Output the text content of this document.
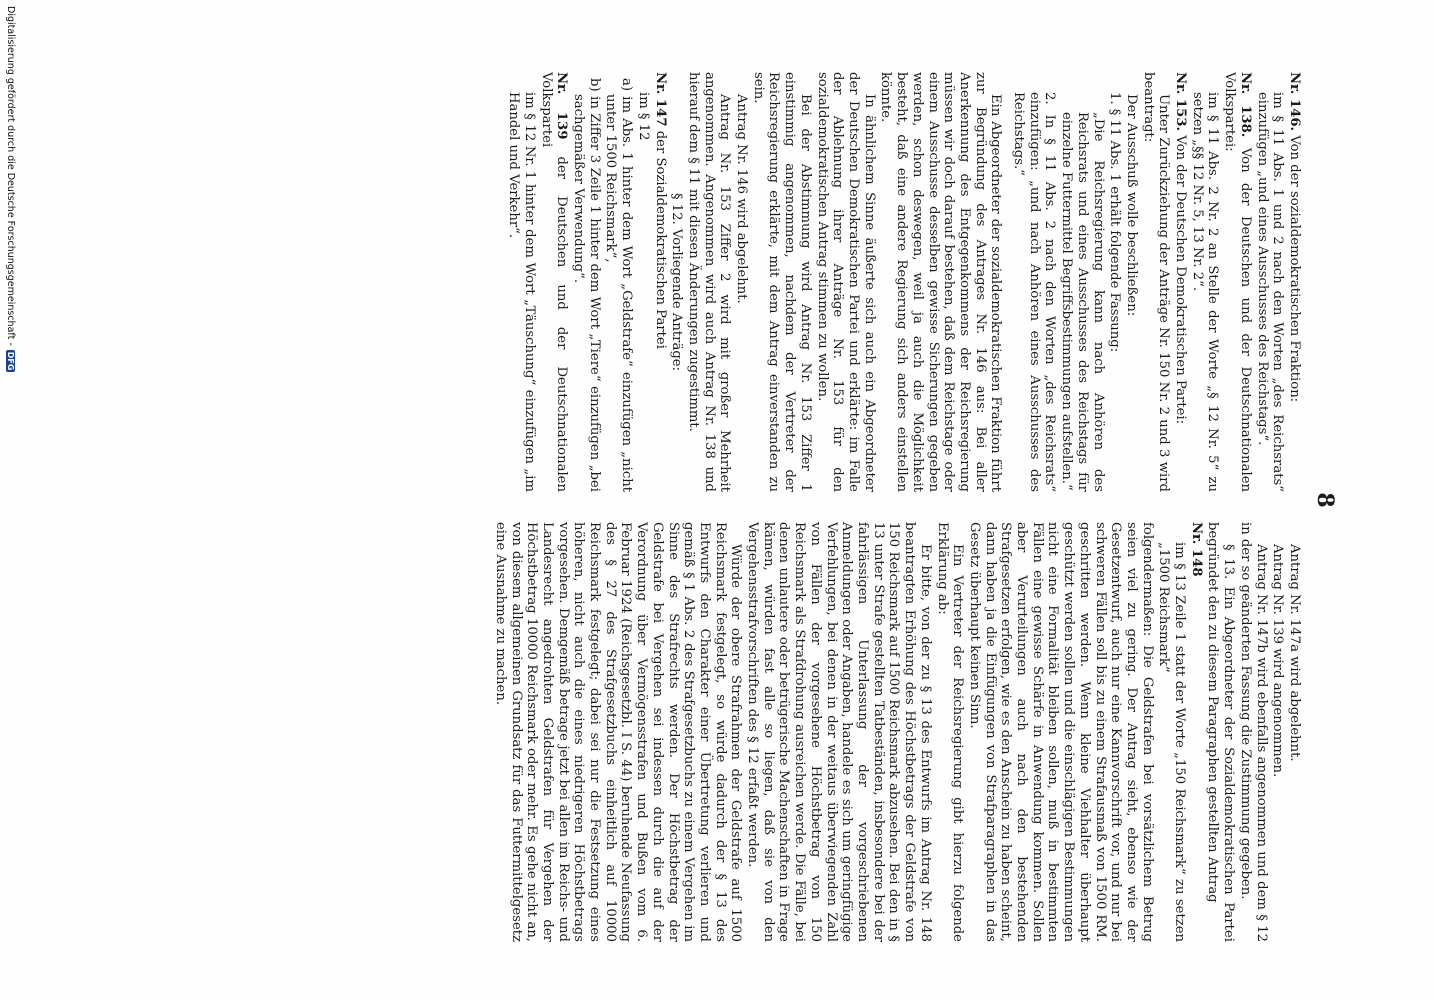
8

Nr. 146. Von der sozialdemokratischen Fraktion:

im § 11 Abs. 1 und 2 nach den Worten „des Reichsrats“ einzufügen „und eines Ausschusses des Reichstags“.

Nr. 138. Von der Deutschen und der Deutschnationalen Volkspartei:

im § 11 Abs. 2 Nr. 2 an Stelle der Worte „§ 12 Nr. 5“ zu setzen „§§ 12 Nr. 5, 13 Nr. 2“.

Nr. 153. Von der Deutschen Demokratischen Partei:

Unter Zurückziehung der Anträge Nr. 150 Nr. 2 und 3 wird beantragt:

Der Ausschuß wolle beschließen:

1. § 11 Abs. 1 erhält folgende Fassung:

„Die Reichsregierung kann nach Anhören des Reichsrats und eines Ausschusses des Reichstags für einzelne Futtermittel Begriffsbestimmungen aufstellen.“

2. In § 11 Abs. 2 nach den Worten „des Reichsrats“ einzufügen: „und nach Anhören eines Ausschusses des Reichstags.“

Ein Abgeordneter der sozialdemokratischen Fraktion führt zur Begründung des Antrages Nr. 146 aus: Bei aller Anerkennung des Entgegenkommens der Reichsregierung müssen wir doch darauf bestehen, daß dem Reichstage oder einem Ausschusse desselben gewisse Sicherungen gegeben werden, schon deswegen, weil ja auch die Möglichkeit besteht, daß eine andere Regierung sich anders einstellen könnte.

In ähnlichem Sinne äußerte sich auch ein Abgeordneter der Deutschen Demokratischen Partei und erklärte: im Falle der Ablehnung ihrer Anträge Nr. 153 für den sozialdemokratischen Antrag stimmen zu wollen.

Bei der Abstimmung wird Antrag Nr. 153 Ziffer 1 einstimmig angenommen, nachdem der Vertreter der Reichsregierung erklärte, mit dem Antrag einverstanden zu sein.

Antrag Nr. 146 wird abgelehnt.

Antrag Nr. 153 Ziffer 2 wird mit großer Mehrheit angenommen. Angenommen wird auch Antrag Nr. 138 und hierauf dem § 11 mit diesen Änderungen zugestimmt.

§ 12. Vorliegende Anträge:

Nr. 147 der Sozialdemokratischen Partei

im § 12

a) im Abs. 1 hinter dem Wort „Geldstrafe“ einzufügen „nicht unter 1500 Reichsmark“,

b) in Ziffer 3 Zeile 1 hinter dem Wort „Tiere“ einzufügen „bei sachgemäßer Verwendung“.

Nr. 139 der Deutschen und der Deutschnationalen Volkspartei

im § 12 Nr. 1 hinter dem Wort „Täuschung“ einzufügen „im Handel und Verkehr“.

Antrag Nr. 147a wird abgelehnt.

Antrag Nr. 139 wird angenommen.

Antrag Nr. 147b wird ebenfalls angenommen und dem § 12 in der so geänderten Fassung die Zustimmung gegeben.

§ 13. Ein Abgeordneter der Sozialdemokratischen Partei begründet den zu diesem Paragraphen gestellten Antrag

Nr. 148

im § 13 Zeile 1 statt der Worte „150 Reichsmark“ zu setzen „1500 Reichsmark“

folgendermaßen: Die Geldstrafen bei vorsätzlichem Betrug seien viel zu gering. Der Antrag sieht, ebenso wie der Gesetzentwurf, auch nur eine Kannvorschrift vor, und nur bei schweren Fällen soll bis zu einem Strafausmaß von 1500 RM. geschritten werden. Wenn kleine Viehhalter überhaupt geschützt werden sollen und die einschlägigen Bestimmungen nicht eine Formalität bleiben sollen, muß in bestimmten Fällen eine gewisse Schärfe in Anwendung kommen. Sollen aber Verurteilungen auch nach den bestehenden Strafgesetzen erfolgen, wie es den Anschein zu haben scheint, dann haben ja die Einfügungen von Strafparagraphen in das Gesetz überhaupt keinen Sinn.

Ein Vertreter der Reichsregierung gibt hierzu folgende Erklärung ab:

Er bitte, von der zu § 13 des Entwurfs im Antrag Nr. 148 beantragten Erhöhung des Höchstbetrags der Geldstrafe von 150 Reichsmark auf 1500 Reichsmark abzusehen. Bei den in § 13 unter Strafe gestellten Tatbeständen, insbesondere bei der fahrlässigen Unterlassung der vorgeschriebenen Anmeldungen oder Angaben, handele es sich um geringfügige Verfehlungen, bei denen in der weitaus überwiegenden Zahl von Fällen der vorgesehene Höchstbetrag von 150 Reichsmark als Strafdrohung ausreichen werde. Die Fälle, bei denen unlautere oder betrügerische Machenschaften in Frage kämen, würden fast alle so liegen, daß sie von den Vergehensstrafvorschriften des § 12 erfaßt werden.

Würde der obere Strafrahmen der Geldstrafe auf 1500 Reichsmark festgelegt, so würde dadurch der § 13 des Entwurfs den Charakter einer Übertretung verlieren und gemäß § 1 Abs. 2 des Strafgesetzbuchs zu einem Vergehen im Sinne des Strafrechts werden. Der Höchstbetrag der Geldstrafe bei Vergehen sei indessen durch die auf der Verordnung über Vermögensstrafen und Bußen vom 6. Februar 1924 (Reichsgesetzbl. I S. 44) beruhende Neufassung des § 27 des Strafgesetzbuchs einheitlich auf 10000 Reichsmark festgelegt; dabei sei nur die Festsetzung eines höheren, nicht auch die eines niedrigeren Höchstbetrags vorgesehen. Demgemäß betrage jetzt bei allen im Reichs- und Landesrecht angedrohten Geldstrafen für Vergehen der Höchstbetrag 10000 Reichsmark oder mehr. Es gehe nicht an, von diesem allgemeinen Grundsatz für das Futtermittelgesetz eine Ausnahme zu machen.

Digitalisierung gefördert durch die Deutsche Forschungsgemeinschaft -DFG
